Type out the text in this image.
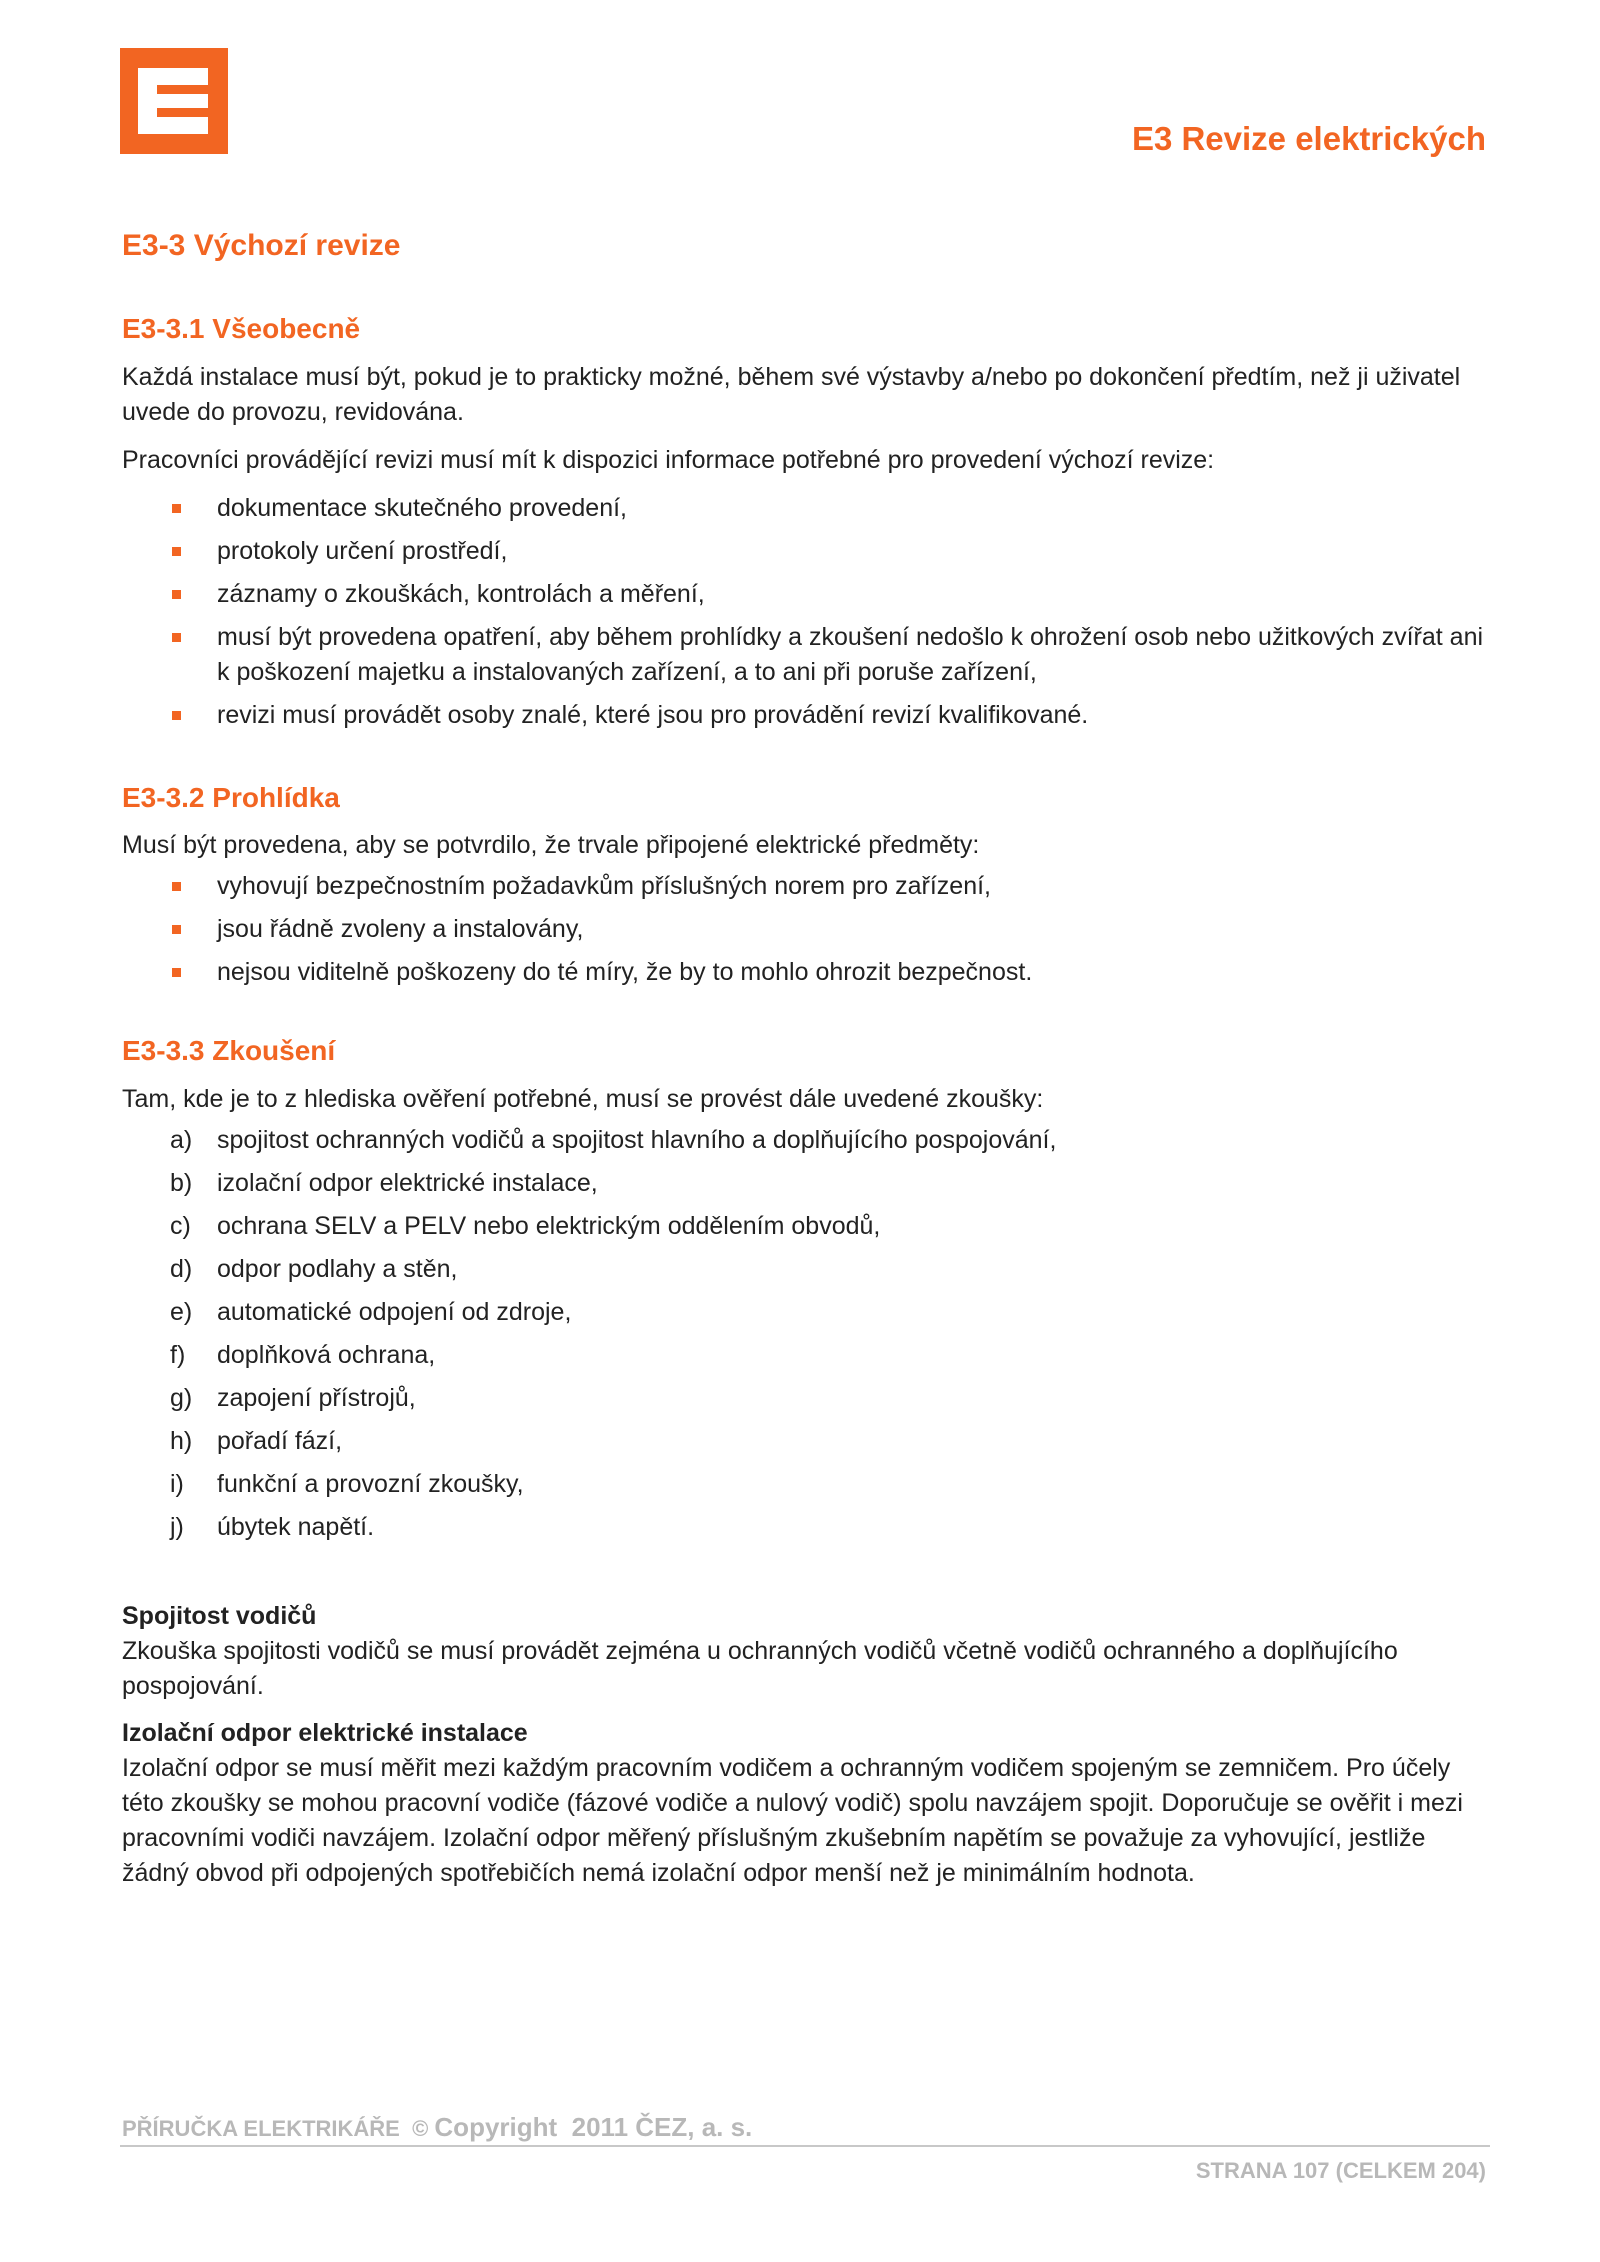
E3 Revize elektrických
E3-3 Výchozí revize
E3-3.1 Všeobecně

Každá instalace musí být, pokud je to prakticky možné, během své výstavby a/nebo po dokončení předtím, než ji uživatel uvede do provozu, revidována.

Pracovníci provádějící revizi musí mít k dispozici informace potřebné pro provedení výchozí revize:

dokumentace skutečného provedení,
protokoly určení prostředí,
záznamy o zkouškách, kontrolách a měření,
musí být provedena opatření, aby během prohlídky a zkoušení nedošlo k ohrožení osob nebo užitkových zvířat ani k poškození majetku a instalovaných zařízení, a to ani při poruše zařízení,
revizi musí provádět osoby znalé, které jsou pro provádění revizí kvalifikované.
E3-3.2 Prohlídka

Musí být provedena, aby se potvrdilo, že trvale připojené elektrické předměty:

vyhovují bezpečnostním požadavkům příslušných norem pro zařízení,
jsou řádně zvoleny a instalovány,
nejsou viditelně poškozeny do té míry, že by to mohlo ohrozit bezpečnost.
E3-3.3 Zkoušení

Tam, kde je to z hlediska ověření potřebné, musí se provést dále uvedené zkoušky:

a) spojitost ochranných vodičů a spojitost hlavního a doplňujícího pospojování,
b) izolační odpor elektrické instalace,
c) ochrana SELV a PELV nebo elektrickým oddělením obvodů,
d) odpor podlahy a stěn,
e) automatické odpojení od zdroje,
f) doplňková ochrana,
g) zapojení přístrojů,
h) pořadí fází,
i) funkční a provozní zkoušky,
j) úbytek napětí.

Spojitost vodičů

Zkouška spojitosti vodičů se musí provádět zejména u ochranných vodičů včetně vodičů ochranného a doplňujícího pospojování.

Izolační odpor elektrické instalace

Izolační odpor se musí měřit mezi každým pracovním vodičem a ochranným vodičem spojeným se zemničem. Pro účely této zkoušky se mohou pracovní vodiče (fázové vodiče a nulový vodič) spolu navzájem spojit. Doporučuje se ověřit i mezi pracovními vodiči navzájem. Izolační odpor měřený příslušným zkušebním napětím se považuje za vyhovující, jestliže žádný obvod při odpojených spotřebičích nemá izolační odpor menší než je minimálním hodnota.

PŘÍRUČKA ELEKTRIKÁŘE  © Copyright  2011 ČEZ, a. s.
STRANA 107 (CELKEM 204)
